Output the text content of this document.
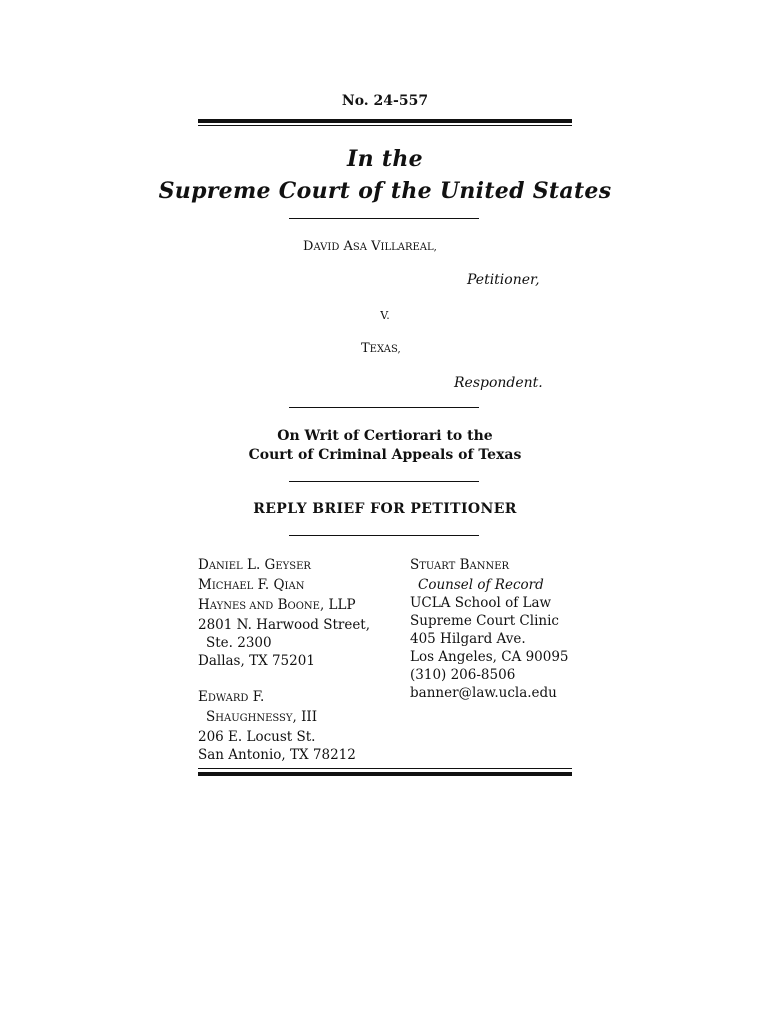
No. 24-557
In the
Supreme Court of the United States
DAVID ASA VILLAREAL,
Petitioner,
V.
TEXAS,
Respondent.
On Writ of Certiorari to the
Court of Criminal Appeals of Texas
REPLY BRIEF FOR PETITIONER
DANIEL L. GEYSER
MICHAEL F. QIAN
HAYNES AND BOONE, LLP
2801 N. Harwood Street,
Ste. 2300
Dallas, TX 75201
EDWARD F.
SHAUGHNESSY, III
206 E. Locust St.
San Antonio, TX 78212
STUART BANNER
Counsel of Record
UCLA School of Law
Supreme Court Clinic
405 Hilgard Ave.
Los Angeles, CA 90095
(310) 206-8506
banner@law.ucla.edu
